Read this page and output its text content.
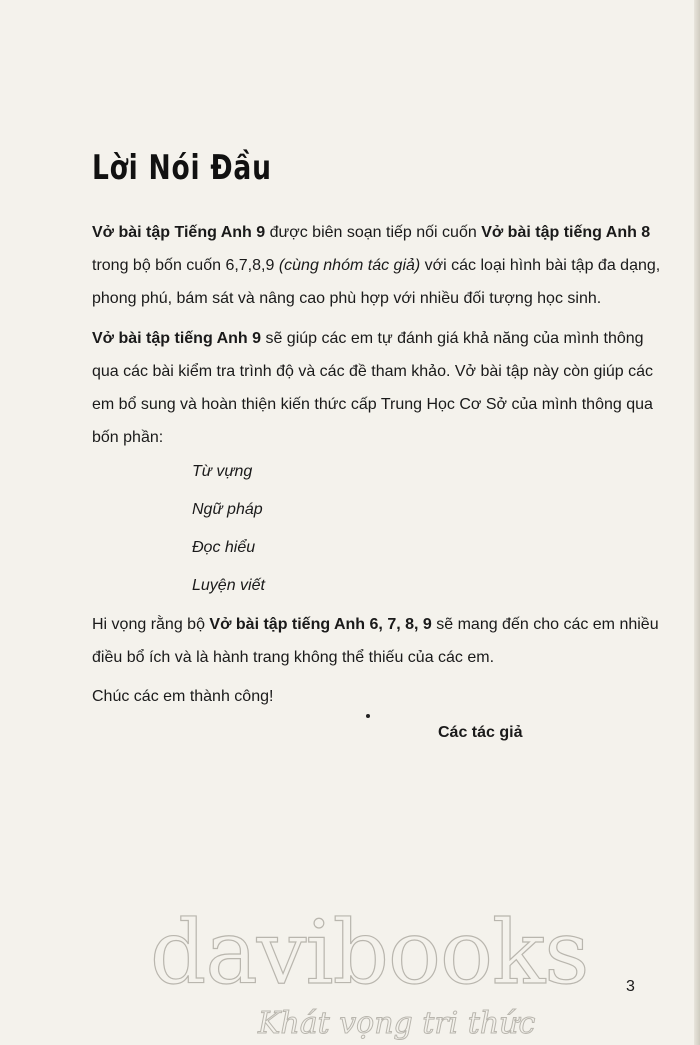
Lời Nói Đầu
Vở bài tập Tiếng Anh 9 được biên soạn tiếp nối cuốn Vở bài tập tiếng Anh 8 trong bộ bốn cuốn 6,7,8,9 (cùng nhóm tác giả) với các loại hình bài tập đa dạng, phong phú, bám sát và nâng cao phù hợp với nhiều đối tượng học sinh.
Vở bài tập tiếng Anh 9 sẽ giúp các em tự đánh giá khả năng của mình thông qua các bài kiểm tra trình độ và các đề tham khảo. Vở bài tập này còn giúp các em bổ sung và hoàn thiện kiến thức cấp Trung Học Cơ Sở của mình thông qua bốn phần:
Từ vựng
Ngữ pháp
Đọc hiểu
Luyện viết
Hi vọng rằng bộ Vở bài tập tiếng Anh 6, 7, 8, 9 sẽ mang đến cho các em nhiều điều bổ ích và là hành trang không thể thiếu của các em.
Chúc các em thành công!
Các tác giả
davibooks
Khát vọng tri thức
3
